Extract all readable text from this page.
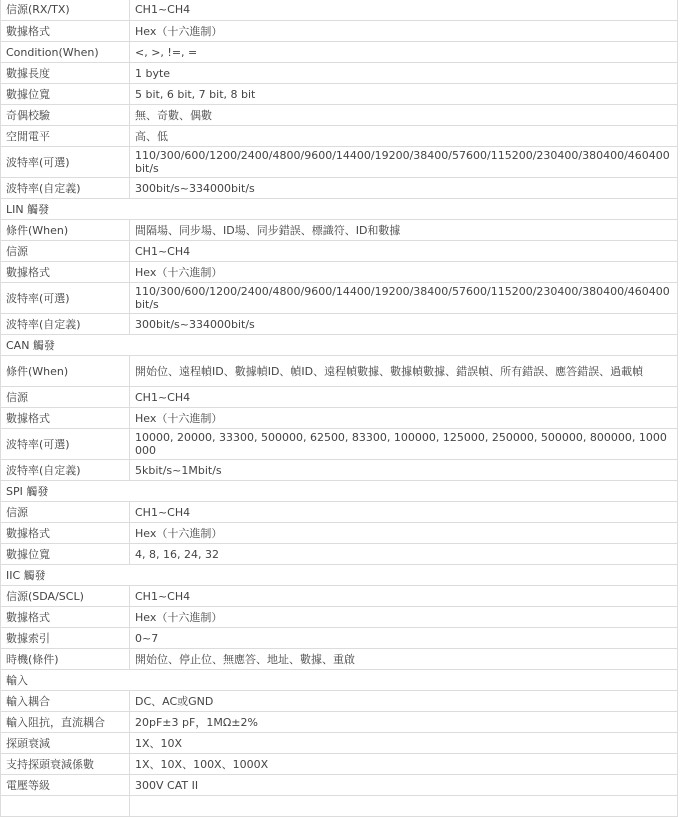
信源(RX/TX)	CH1~CH4
數據格式	Hex（十六進制）
Condition(When)	<, >, !=, =
數據長度	1 byte
數據位寬	5 bit, 6 bit, 7 bit, 8 bit
奇偶校驗	無、奇數、偶數
空閒電平	高、低
波特率(可選)	110/300/600/1200/2400/4800/9600/14400/19200/38400/57600/115200/230400/380400/460400 bit/s
波特率(自定義)	300bit/s~334000bit/s
LIN 觸發	
條件(When)	間隔場、同步場、ID場、同步錯誤、標識符、ID和數據
信源	CH1~CH4
數據格式	Hex（十六進制）
波特率(可選)	110/300/600/1200/2400/4800/9600/14400/19200/38400/57600/115200/230400/380400/460400 bit/s
波特率(自定義)	300bit/s~334000bit/s
CAN 觸發	
條件(When)	開始位、遠程幀ID、數據幀ID、幀ID、遠程幀數據、數據幀數據、錯誤幀、所有錯誤、應答錯誤、過載幀
信源	CH1~CH4
數據格式	Hex（十六進制）
波特率(可選)	10000, 20000, 33300, 500000, 62500, 83300, 100000, 125000, 250000, 500000, 800000, 1000000
波特率(自定義)	5kbit/s~1Mbit/s
SPI 觸發	
信源	CH1~CH4
數據格式	Hex（十六進制）
數據位寬	4, 8, 16, 24, 32
IIC 觸發	
信源(SDA/SCL)	CH1~CH4
數據格式	Hex（十六進制）
數據索引	0~7
時機(條件)	開始位、停止位、無應答、地址、數據、重啟
輸入	
輸入耦合	DC、AC或GND
輸入阻抗，直流耦合	20pF±3 pF，1MΩ±2%
探頭衰減	1X、10X
支持探頭衰減係數	1X、10X、100X、1000X
電壓等級	300V CAT II
